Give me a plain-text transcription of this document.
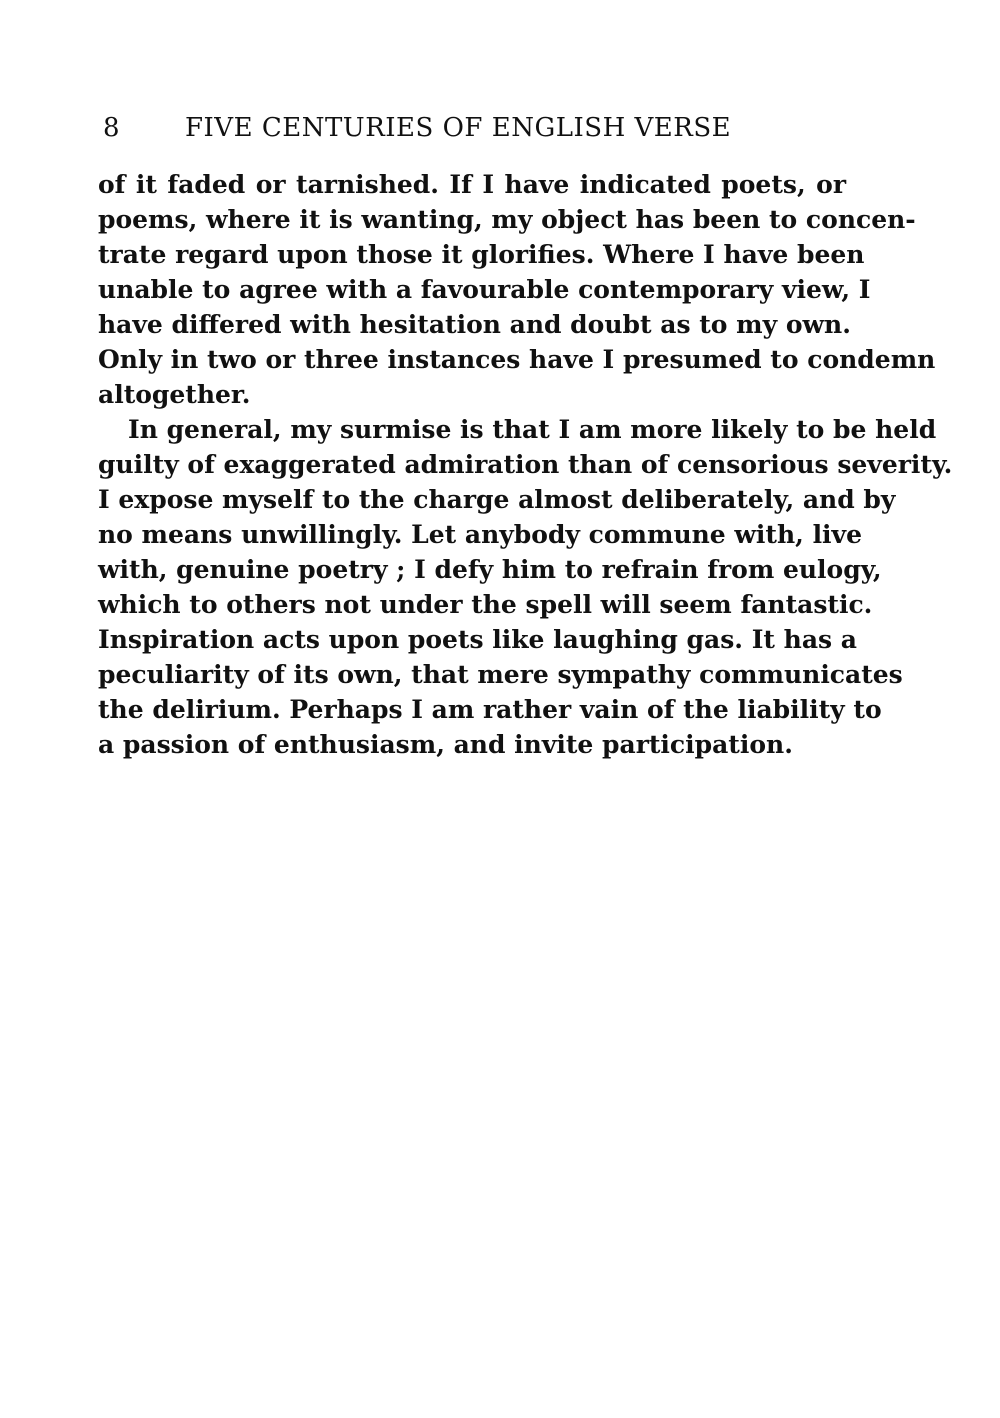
8 FIVE CENTURIES OF ENGLISH VERSE
of it faded or tarnished. If I have indicated poets, or
poems, where it is wanting, my object has been to concen-
trate regard upon those it glorifies. Where I have been
unable to agree with a favourable contemporary view, I
have differed with hesitation and doubt as to my own.
Only in two or three instances have I presumed to condemn
altogether.
In general, my surmise is that I am more likely to be held
guilty of exaggerated admiration than of censorious severity.
I expose myself to the charge almost deliberately, and by
no means unwillingly. Let anybody commune with, live
with, genuine poetry ; I defy him to refrain from eulogy,
which to others not under the spell will seem fantastic.
Inspiration acts upon poets like laughing gas. It has a
peculiarity of its own, that mere sympathy communicates
the delirium. Perhaps I am rather vain of the liability to
a passion of enthusiasm, and invite participation.
